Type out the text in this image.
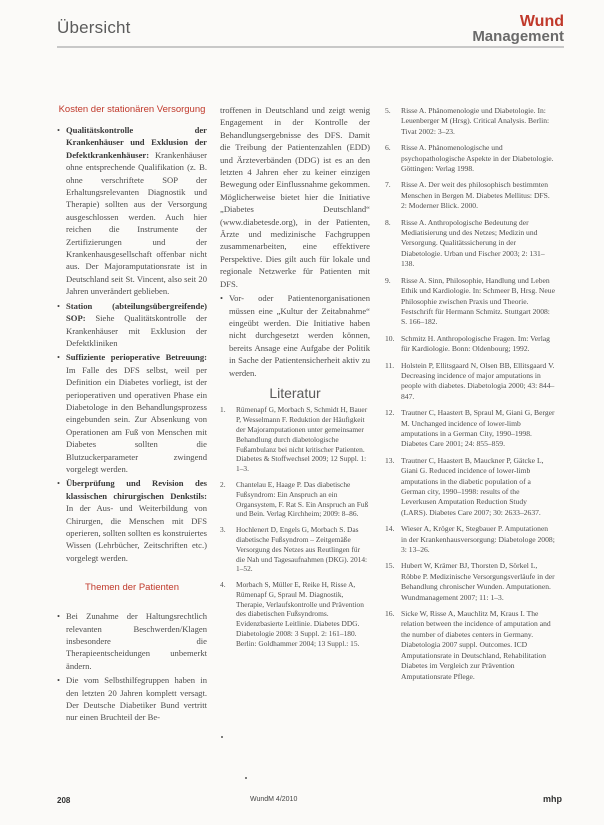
Übersicht	Wund
Management
Kosten der stationären Versorgung
• Qualitätskontrolle der Krankenhäuser und Exklusion der Defektkrankenhäuser: Krankenhäuser ohne entsprechende Qualifikation (z. B. ohne verschriftete SOP der Erhaltungsrelevanten Diagnostik und Therapie) sollten aus der Versorgung ausgeschlossen werden. Auch hier reichen die Instrumente der Zertifizierungen und der Krankenhausgesellschaft offenbar nicht aus. Der Majoramputationsrate ist in Deutschland seit St. Vincent, also seit 20 Jahren unverändert geblieben.
• Station (abteilungsübergreifende) SOP: Siehe Qualitätskontrolle der Krankenhäuser mit Exklusion der Defektkliniken
• Suffiziente perioperative Betreuung: Im Falle des DFS selbst, weil per Definition ein Diabetes vorliegt, ist der perioperativen und operativen Phase ein Diabetologe in den Behandlungsprozess eingebunden sein. Zur Absenkung von Operationen am Fuß von Menschen mit Diabetes sollten die Blutzuckerparameter zwingend vorgelegt werden.
• Überprüfung und Revision des klassischen chirurgischen Denkstils: In der Aus- und Weiterbildung von Chirurgen, die Menschen mit DFS operieren, sollten sollten es konstruiertes Wissen (Lehrbücher, Zeitschriften etc.) vorgelegt werden.
Themen der Patienten
• Bei Zunahme der Haltungsrechtlich relevanten Beschwerden/Klagen insbesondere die Therapieentscheidungen unbemerkt ändern.
• Die vom Selbsthilfegruppen haben in den letzten 20 Jahren komplett versagt. Der Deutsche Diabetiker Bund vertritt nur einen Bruchteil der Be-
troffenen in Deutschland und zeigt wenig Engagement in der Kontrolle der Behandlungsergebnisse des DFS. Damit die Treibung der Patientenzahlen (EDD) und Ärzteverbänden (DDG) ist es an den letzten 4 Jahren eher zu keiner einzigen Bewegung oder Einflussnahme gekommen. Möglicherweise bietet hier die Initiative „Diabetes Deutschland“ (www.diabetesde.org), in der Patienten, Ärzte und medizinische Fachgruppen zusammenarbeiten, eine effektivere Perspektive. Dies gilt auch für lokale und regionale Netzwerke für Patienten mit DFS.
• Vor- oder Patientenorganisationen müssen eine „Kultur der Zeitabnahme“ eingeübt werden. Die Initiative haben nicht durchgesetzt werden können, bereits Ansage eine Aufgabe der Politik in Sache der Patientensicherheit aktiv zu werden.
Literatur
1. Rümenapf G, Morbach S, Schmidt H, Bauer P, Wesselmann F. Reduktion der Häufigkeit der Majoramputationen unter gemeinsamer Behandlung durch diabetologische Fußambulanz bei nicht kritischer Patienten. Diabetes & Stoffwechsel 2009; 12 Suppl. 1: 1–3.
2. Chantelau E, Haage P. Das diabetische Fußsyndrom: Ein Anspruch an ein Organsystem, F. Rat S. Ein Anspruch an Fuß und Bein. Verlag Kirchheim; 2009: 8–86.
3. Hochlenert D, Engels G, Morbach S. Das diabetische Fußsyndrom – Zeitgemäße Versorgung des Netzes aus Reutlingen für die Nah und Tagesaufnahmen (DKG). 2014: 1–52.
4. Morbach S, Müller E, Reike H, Risse A, Rümenapf G, Spraul M. Diagnostik, Therapie, Verlaufskontrolle und Prävention des diabetischen Fußsyndroms. Evidenzbasierte Leitlinie. Diabetes DDG. Diabetologie 2008: 3 Suppl. 2: 161–180. Berlin: Goldhammer 2004; 13 Suppl.: 15.
5. Risse A. Phänomenologie und Diabetologie. In: Leuenberger M (Hrsg). Critical Analysis. Berlin: Tivat 2002: 3–23.
6. Risse A. Phänomenologische und psychopathologische Aspekte in der Diabetologie. Göttingen: Verlag 1998.
7. Risse A. Der weit des philosophisch bestimmten Menschen in Bergen M. Diabetes Mellitus: DFS. 2: Moderner Blick. 2000.
8. Risse A. Anthropologische Bedeutung der Mediatisierung und des Netzes; Medizin und Versorgung. Qualitätssicherung in der Diabetologie. Urban und Fischer 2003; 2: 131–138.
9. Risse A. Sinn, Philosophie, Handlung und Leben Ethik und Kardiologie. In: Schmeer B, Hrsg. Neue Philosophie zwischen Praxis und Theorie. Festschrift für Hermann Schmitz. Stuttgart 2008: S. 166–182.
10. Schmitz H. Anthropologische Fragen. Im: Verlag für Kardiologie. Bonn: Oldenbourg; 1992.
11. Holstein P, Ellitsgaard N, Olsen BB, Ellitsgaard V. Decreasing incidence of major amputations in people with diabetes. Diabetologia 2000; 43: 844–847.
12. Trautner C, Haastert B, Spraul M, Giani G, Berger M. Unchanged incidence of lower-limb amputations in a German City, 1990–1998. Diabetes Care 2001; 24: 855–859.
13. Trautner C, Haastert B, Mauckner P, Gätcke L, Giani G. Reduced incidence of lower-limb amputations in the diabetic population of a German city, 1990–1998: results of the Leverkusen Amputation Reduction Study (LARS). Diabetes Care 2007; 30: 2633–2637.
14. Wieser A, Kröger K, Stegbauer P. Amputationen in der Krankenhausversorgung: Diabetologe 2008; 3: 13–26.
15. Hubert W, Krämer BJ, Thorsten D, Sörkel L, Röbbe P. Medizinische Versorgungsverläufe in der Behandlung chronischer Wunden. Amputationen. Wundmanagement 2007; 11: 1–3.
16. Sicke W, Risse A, Mauchlitz M, Kraus I. The relation between the incidence of amputation and the number of diabetes centers in Germany. Diabetologia 2007 suppl. Outcomes. ICD Amputationsrate in Deutschland, Rehabilitation Diabetes im Vergleich zur Prävention Amputationsrate Pflege.
208	WundM 4/2010	mhp
